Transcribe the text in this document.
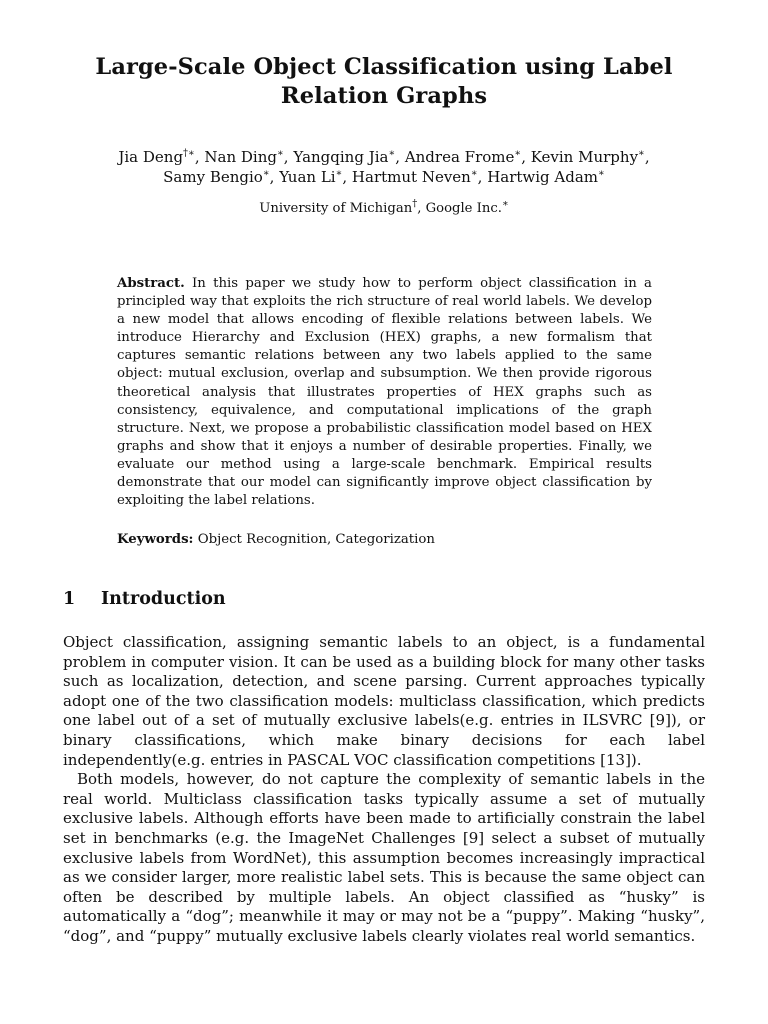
Large-Scale Object Classification using Label
Relation Graphs
Jia Deng†∗, Nan Ding∗, Yangqing Jia∗, Andrea Frome∗, Kevin Murphy∗,
Samy Bengio∗, Yuan Li∗, Hartmut Neven∗, Hartwig Adam∗
University of Michigan†, Google Inc.∗
Abstract. In this paper we study how to perform object classification in a principled way that exploits the rich structure of real world labels. We develop a new model that allows encoding of flexible relations between labels. We introduce Hierarchy and Exclusion (HEX) graphs, a new formalism that captures semantic relations between any two labels applied to the same object: mutual exclusion, overlap and subsumption. We then provide rigorous theoretical analysis that illustrates properties of HEX graphs such as consistency, equivalence, and computational implications of the graph structure. Next, we propose a probabilistic classification model based on HEX graphs and show that it enjoys a number of desirable properties. Finally, we evaluate our method using a large-scale benchmark. Empirical results demonstrate that our model can significantly improve object classification by exploiting the label relations.
Keywords: Object Recognition, Categorization
1 Introduction

Object classification, assigning semantic labels to an object, is a fundamental problem in computer vision. It can be used as a building block for many other tasks such as localization, detection, and scene parsing. Current approaches typically adopt one of the two classification models: multiclass classification, which predicts one label out of a set of mutually exclusive labels(e.g. entries in ILSVRC [9]), or binary classifications, which make binary decisions for each label independently(e.g. entries in PASCAL VOC classification competitions [13]).

Both models, however, do not capture the complexity of semantic labels in the real world. Multiclass classification tasks typically assume a set of mutually exclusive labels. Although efforts have been made to artificially constrain the label set in benchmarks (e.g. the ImageNet Challenges [9] select a subset of mutually exclusive labels from WordNet), this assumption becomes increasingly impractical as we consider larger, more realistic label sets. This is because the same object can often be described by multiple labels. An object classified as “husky” is automatically a “dog”; meanwhile it may or may not be a “puppy”. Making “husky”, “dog”, and “puppy” mutually exclusive labels clearly violates real world semantics.
